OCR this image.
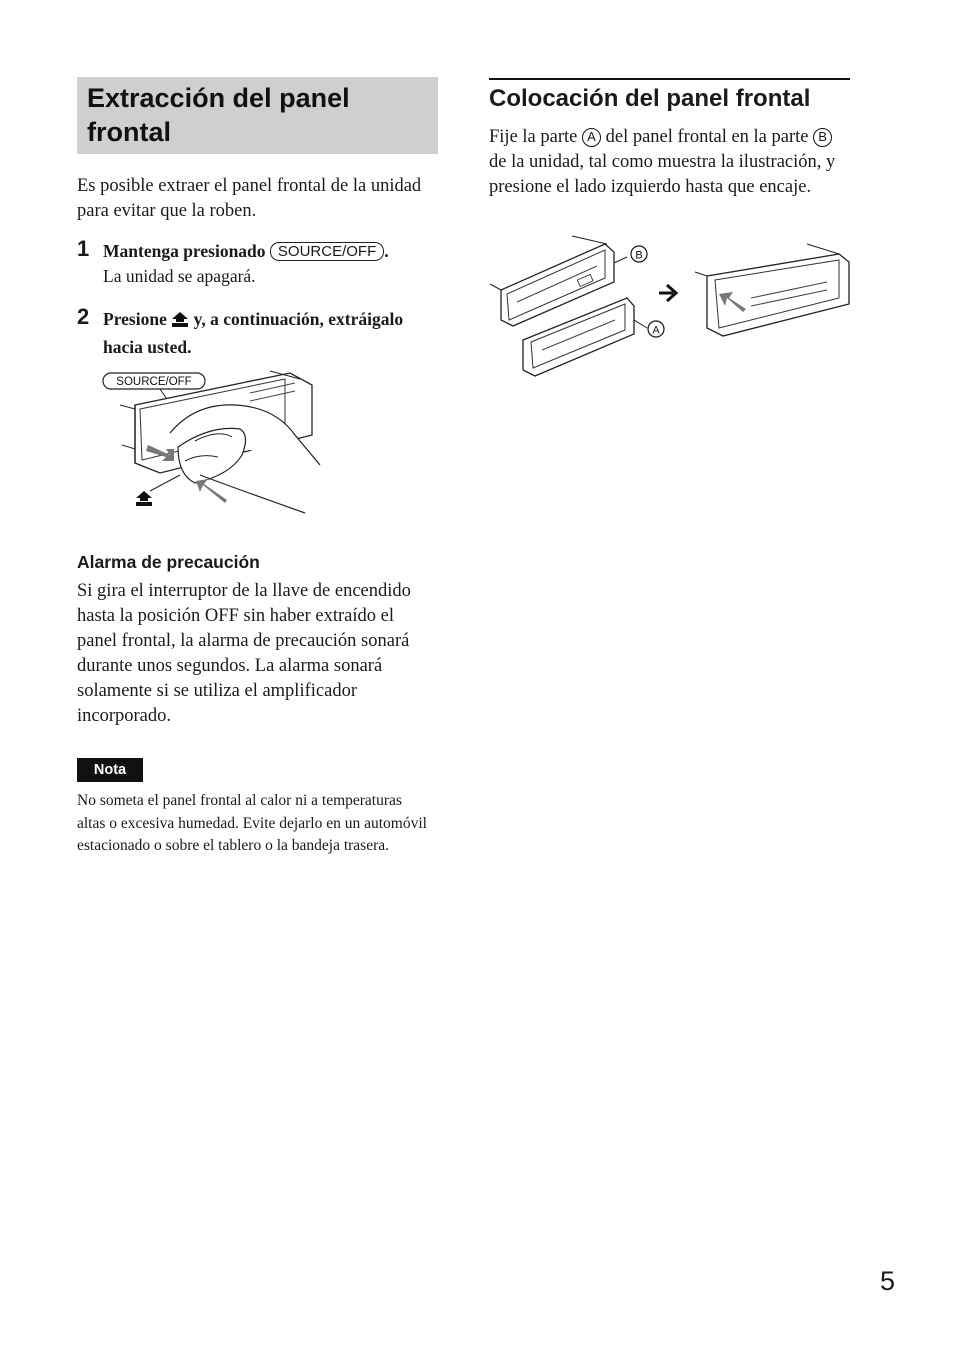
Extracción del panel frontal

Es posible extraer el panel frontal de la unidad para evitar que la roben.

1 Mantenga presionado SOURCE/OFF .
La unidad se apagará.
2 Presione y, a continuación, extráigalo hacia usted.
SOURCE/OFF
Alarma de precaución

Si gira el interruptor de la llave de encendido hasta la posición OFF sin haber extraído el panel frontal, la alarma de precaución sonará durante unos segundos. La alarma sonará solamente si se utiliza el amplificador incorporado.

Nota

No someta el panel frontal al calor ni a temperaturas altas o excesiva humedad. Evite dejarlo en un automóvil estacionado o sobre el tablero o la bandeja trasera.

Colocación del panel frontal

Fije la parte A del panel frontal en la parte B de la unidad, tal como muestra la ilustración, y presione el lado izquierdo hasta que encaje.

B
A
5
